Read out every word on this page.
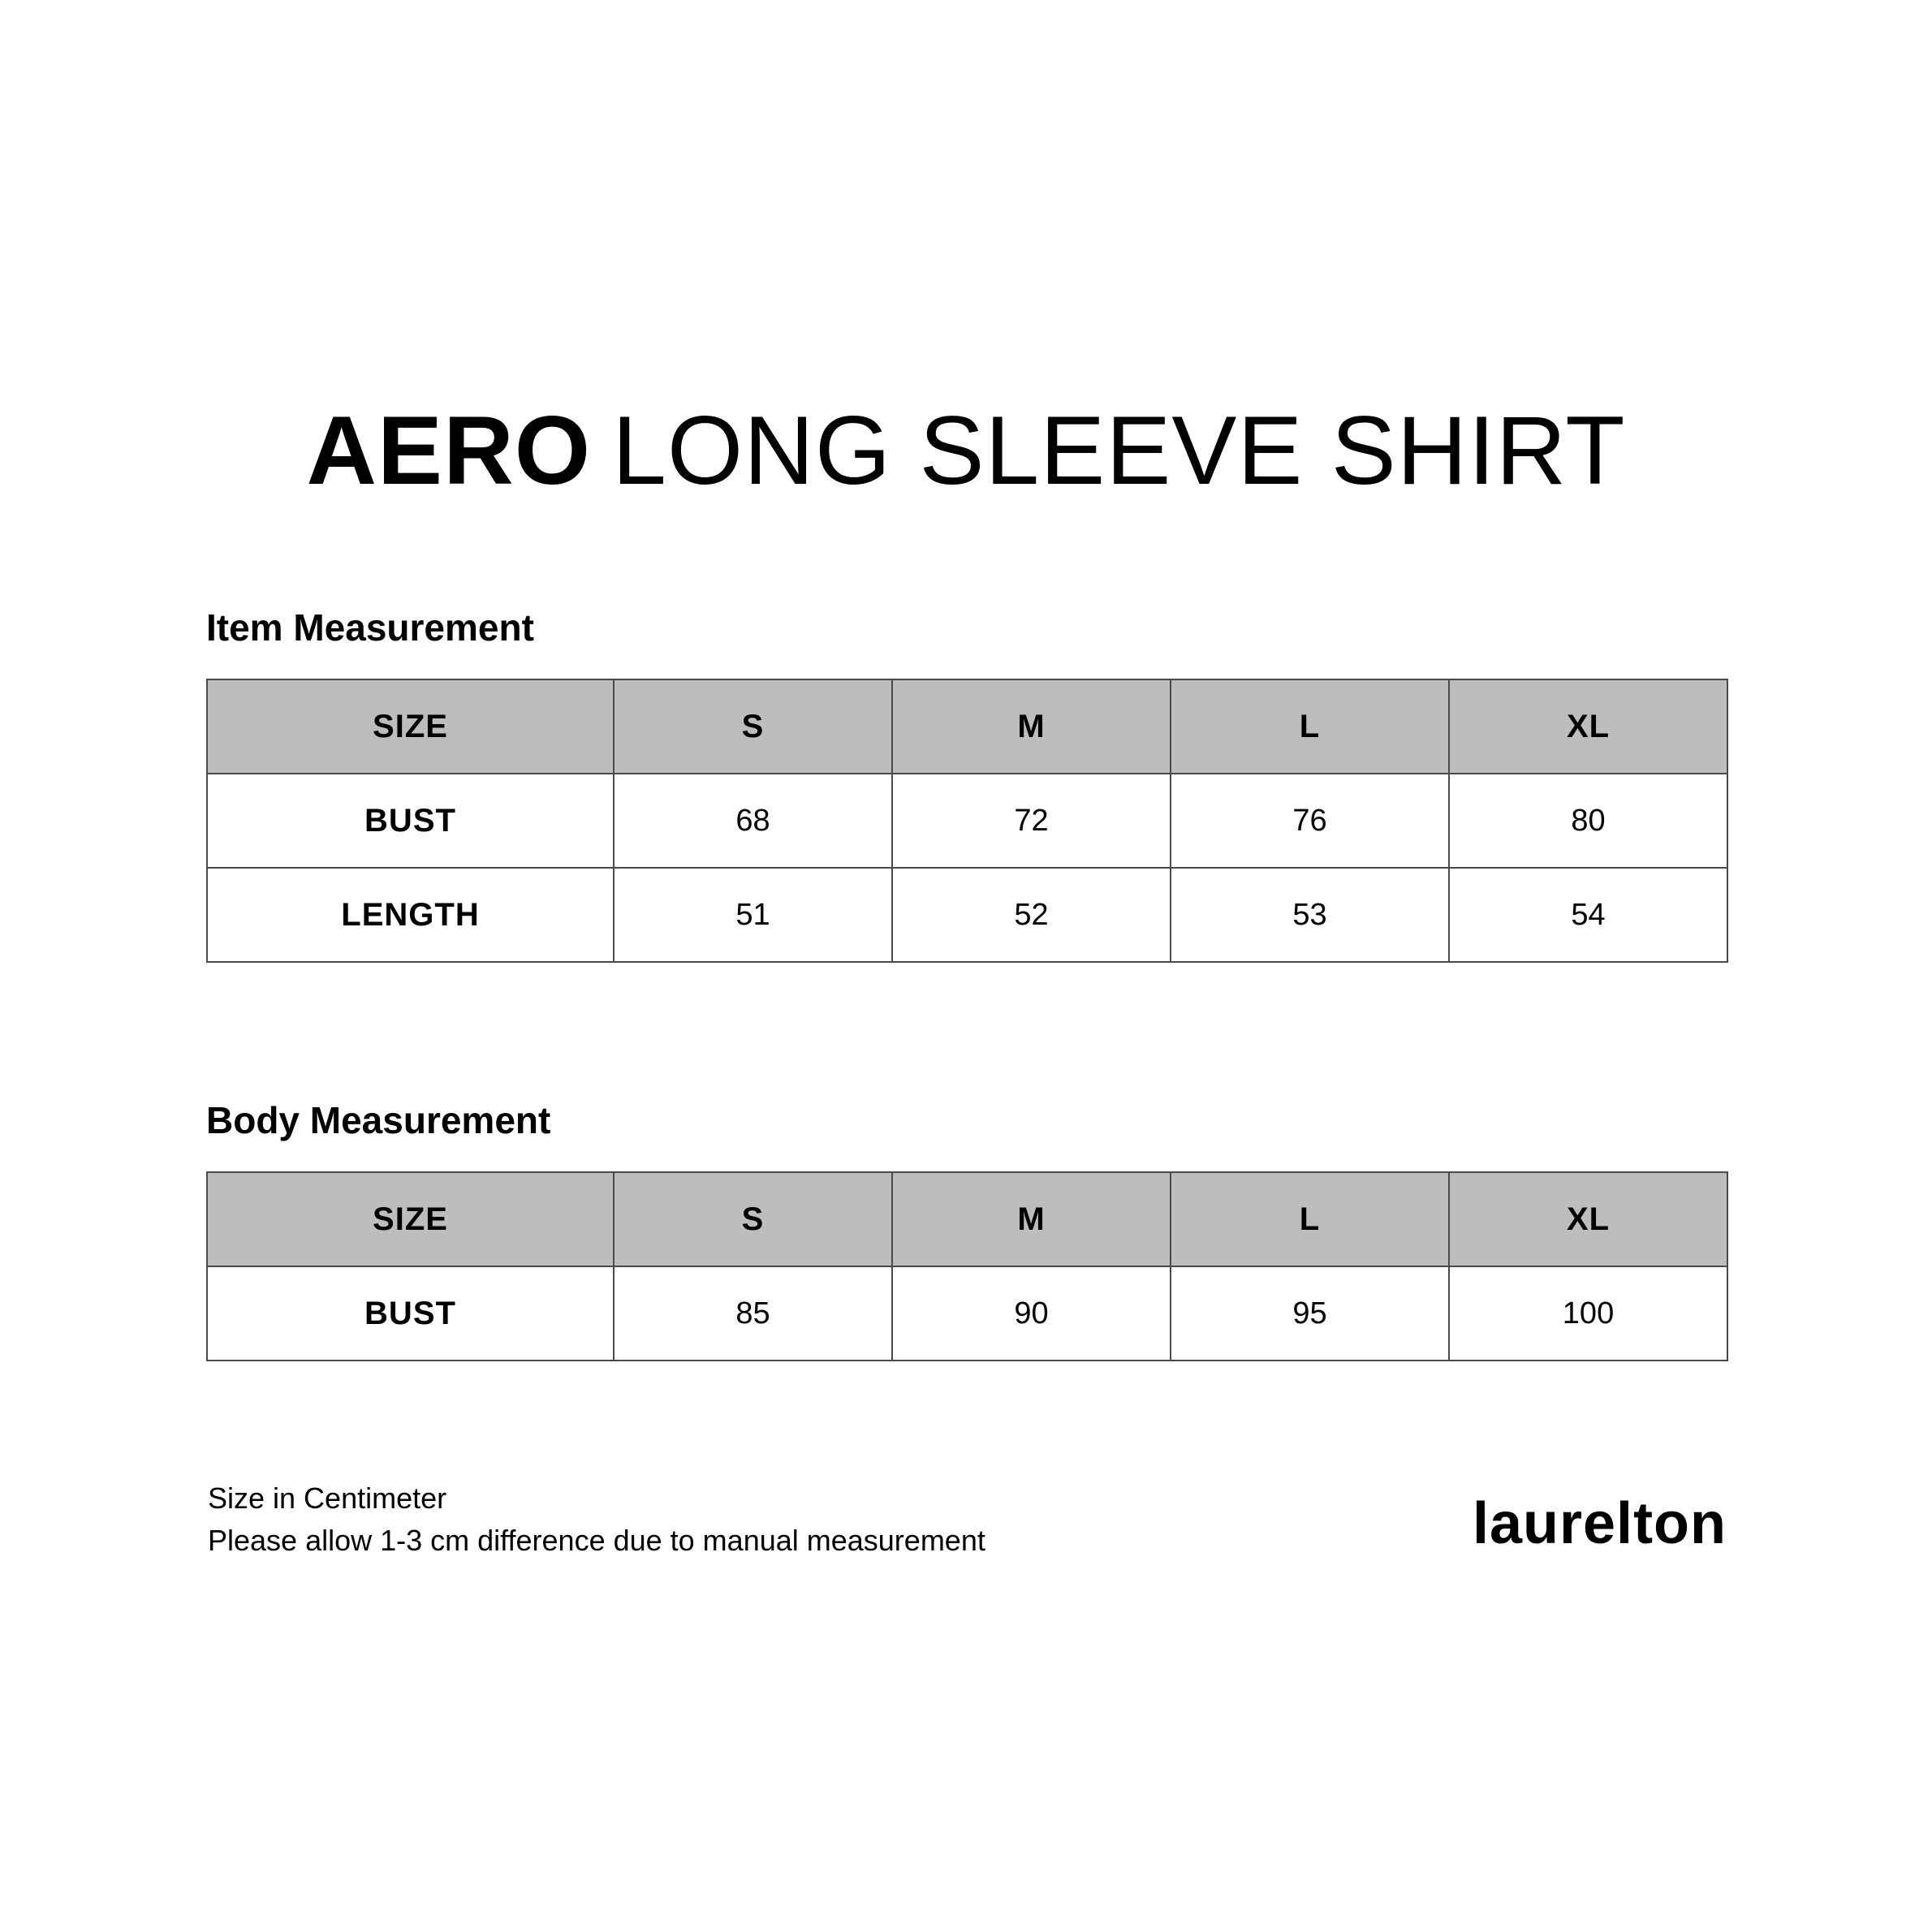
AERO LONG SLEEVE SHIRT
Item Measurement
SIZE	S	M	L	XL
BUST	68	72	76	80
LENGTH	51	52	53	54
Body Measurement
SIZE	S	M	L	XL
BUST	85	90	95	100
Size in Centimeter
Please allow 1-3 cm difference due to manual measurement	laurelton
